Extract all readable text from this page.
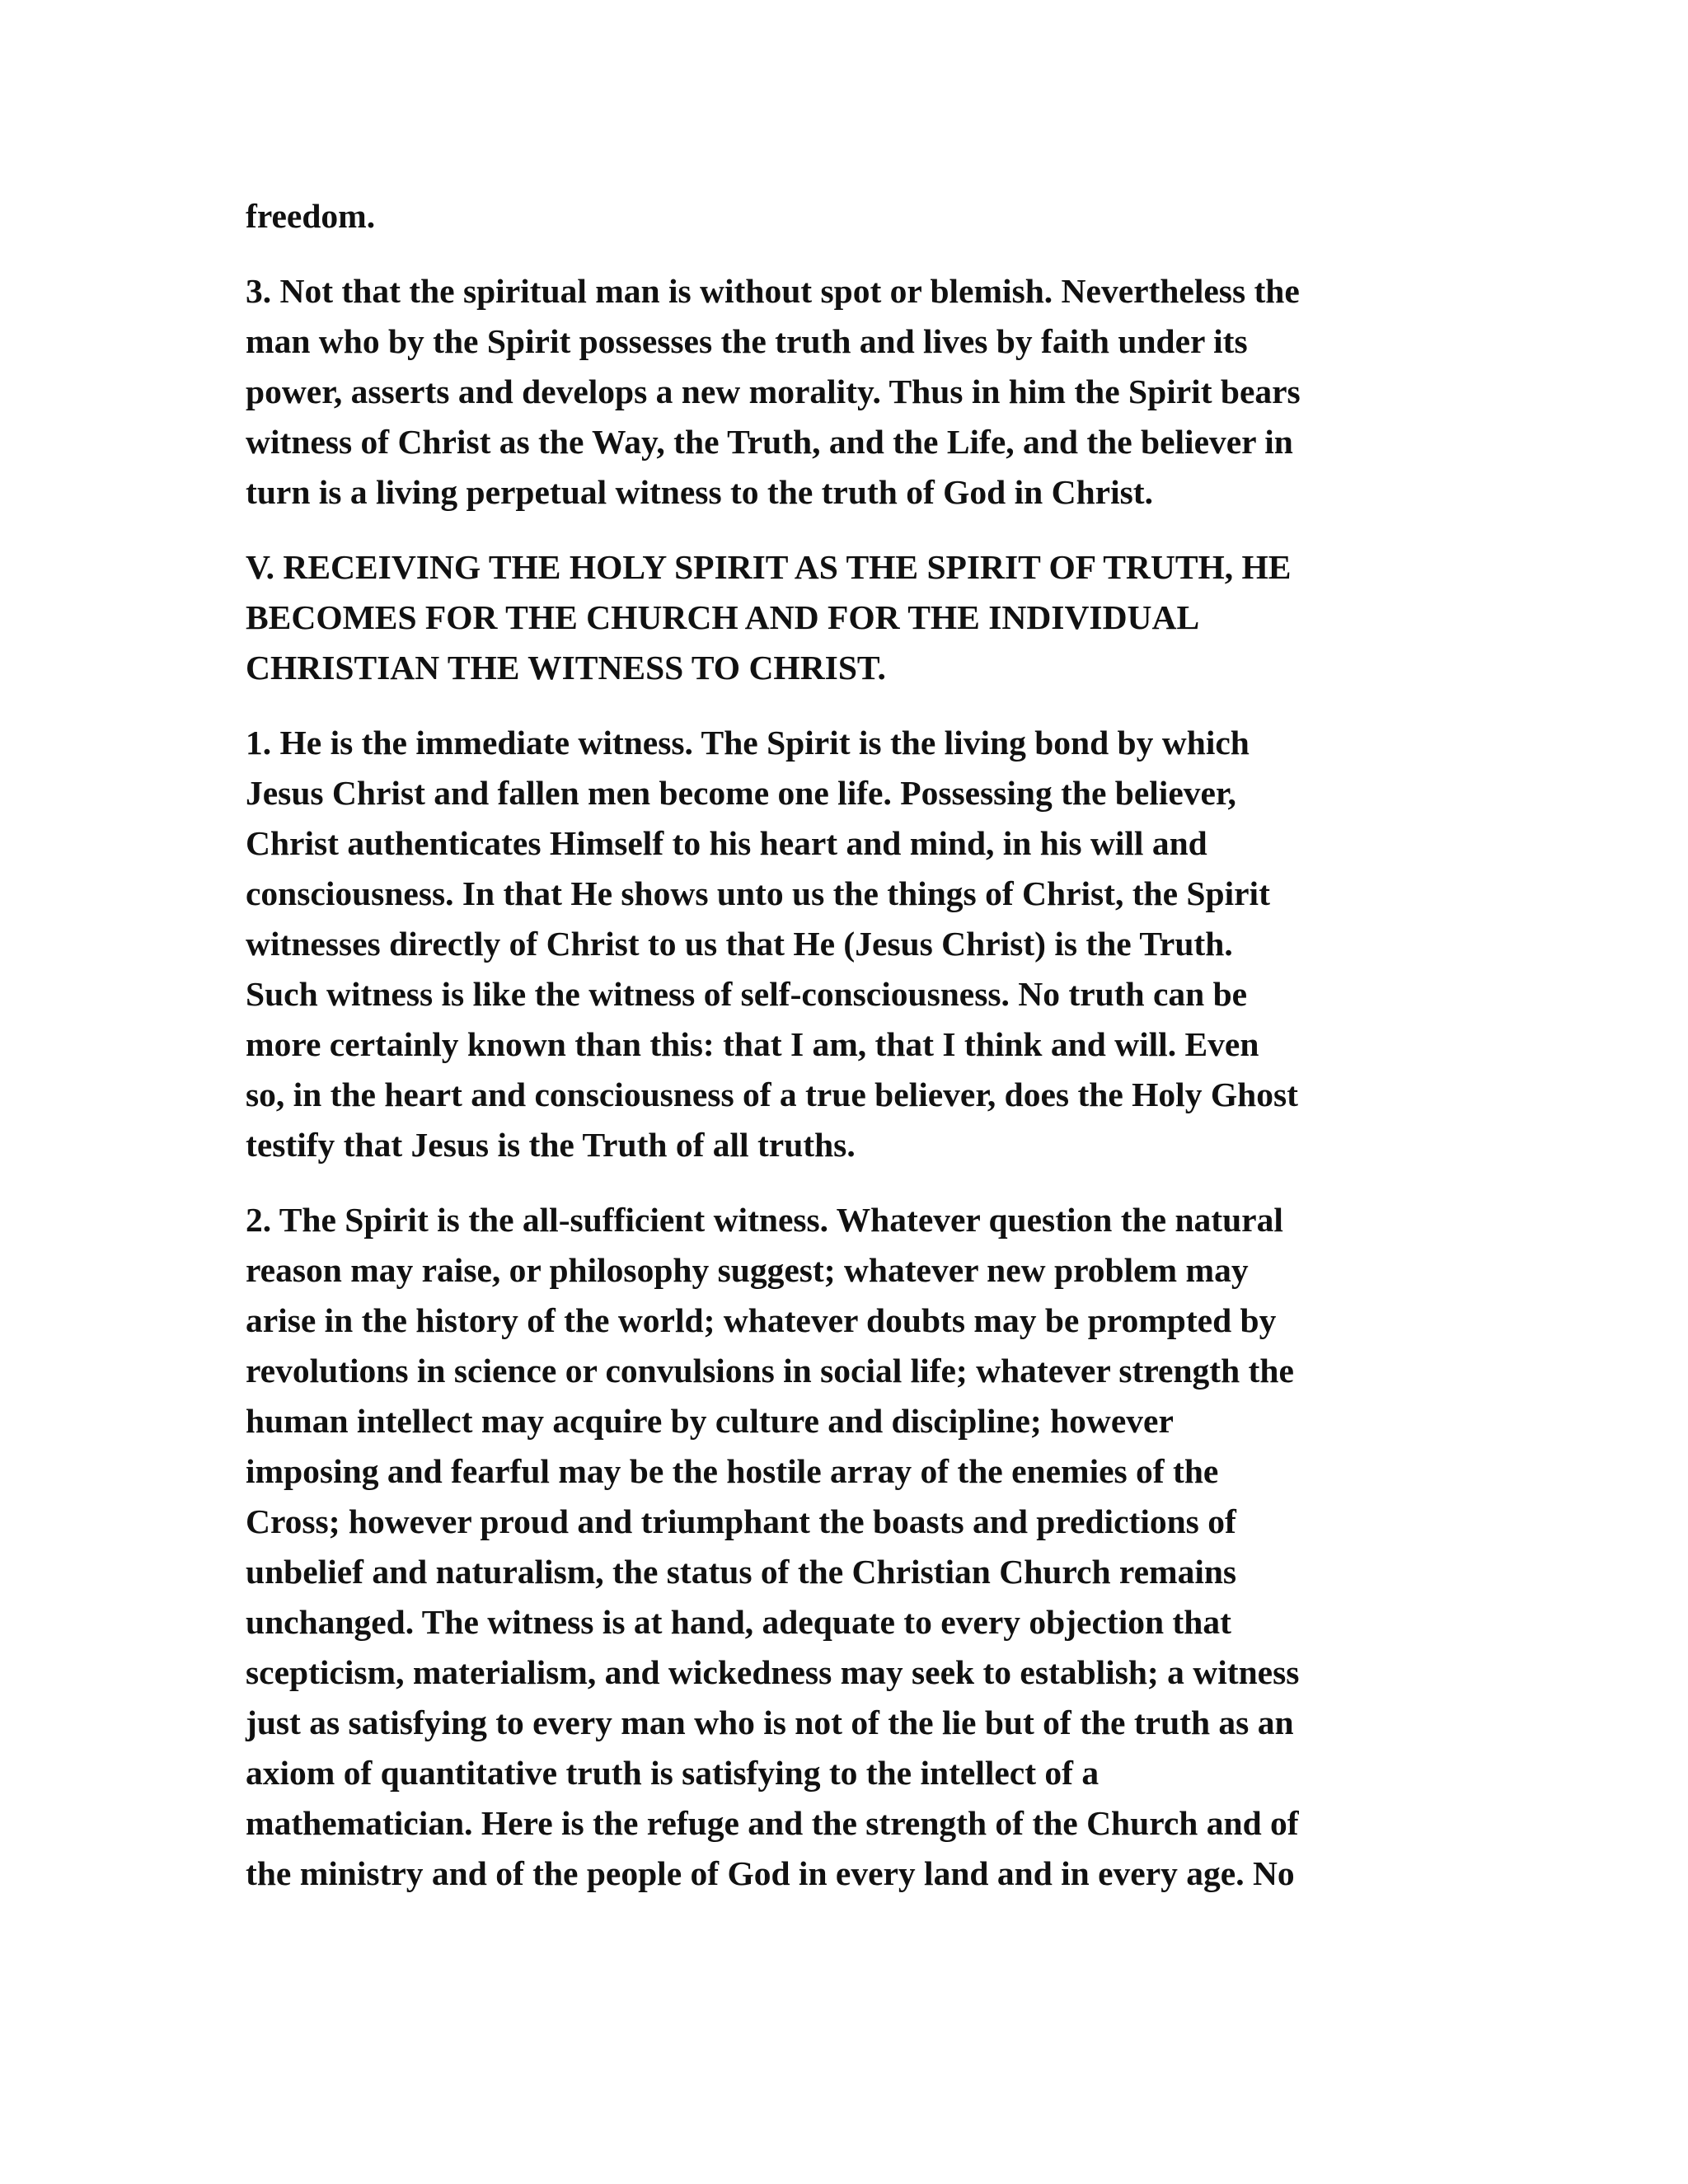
freedom.

3. Not that the spiritual man is without spot or blemish. Nevertheless the
man who by the Spirit possesses the truth and lives by faith under its
power, asserts and develops a new morality. Thus in him the Spirit bears
witness of Christ as the Way, the Truth, and the Life, and the believer in
turn is a living perpetual witness to the truth of God in Christ.

V. RECEIVING THE HOLY SPIRIT AS THE SPIRIT OF TRUTH, HE
BECOMES FOR THE CHURCH AND FOR THE INDIVIDUAL
CHRISTIAN THE WITNESS TO CHRIST.

1. He is the immediate witness. The Spirit is the living bond by which
Jesus Christ and fallen men become one life. Possessing the believer,
Christ authenticates Himself to his heart and mind, in his will and
consciousness. In that He shows unto us the things of Christ, the Spirit
witnesses directly of Christ to us that He (Jesus Christ) is the Truth.
Such witness is like the witness of self-consciousness. No truth can be
more certainly known than this: that I am, that I think and will. Even
so, in the heart and consciousness of a true believer, does the Holy Ghost
testify that Jesus is the Truth of all truths.

2. The Spirit is the all-sufficient witness. Whatever question the natural
reason may raise, or philosophy suggest; whatever new problem may
arise in the history of the world; whatever doubts may be prompted by
revolutions in science or convulsions in social life; whatever strength the
human intellect may acquire by culture and discipline; however
imposing and fearful may be the hostile array of the enemies of the
Cross; however proud and triumphant the boasts and predictions of
unbelief and naturalism, the status of the Christian Church remains
unchanged. The witness is at hand, adequate to every objection that
scepticism, materialism, and wickedness may seek to establish; a witness
just as satisfying to every man who is not of the lie but of the truth as an
axiom of quantitative truth is satisfying to the intellect of a
mathematician. Here is the refuge and the strength of the Church and of
the ministry and of the people of God in every land and in every age. No
